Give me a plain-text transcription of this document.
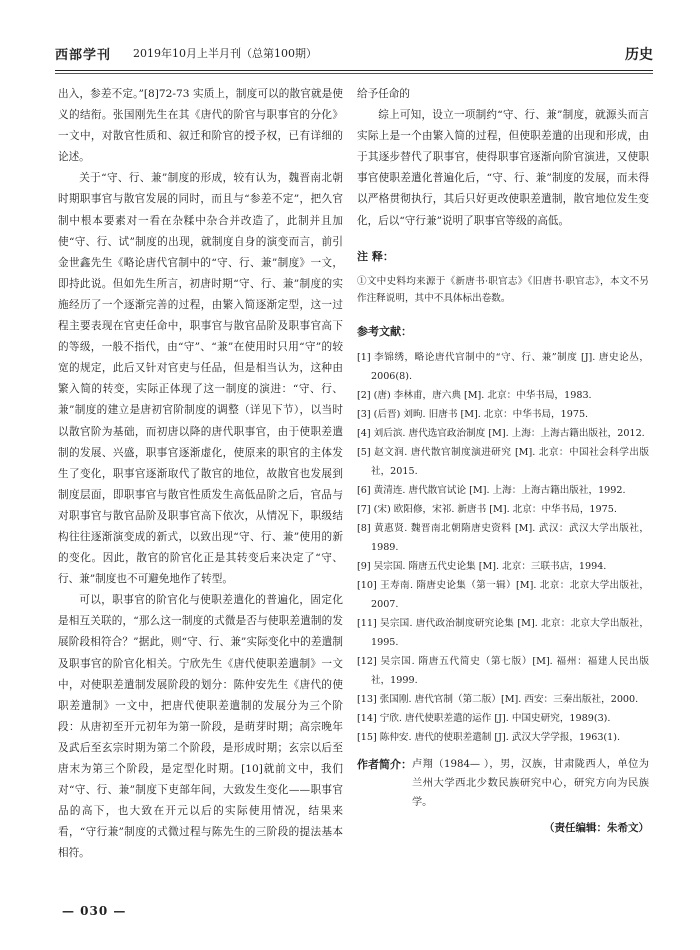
西部学刊 2019年10月上半月刊（总第100期）	历史

出入，参差不定。”[8]72-73 实质上，制度可以的散官就是使义的结衔。张国刚先生在其《唐代的阶官与职事官的分化》一文中，对散官性质和、叙迁和阶官的授予权，已有详细的论述。

关于“守、行、兼”制度的形成，较有认为，魏晋南北朝时期职事官与散官发展的同时，而且与“参差不定”，把久官制中根本要素对一看在杂糅中杂合并改造了，此制并且加使“守、行、试”制度的出现，就制度自身的演变而言，前引金世鑫先生《略论唐代官制中的“守、行、兼”制度》一文，即持此说。但如先生所言，初唐时期“守、行、兼”制度的实施经历了一个逐渐完善的过程，由繁入简逐渐定型，这一过程主要表现在官吏任命中，职事官与散官品阶及职事官高下的等级，一般不指代，由“守”、“兼”在使用时只用“守”的较宽的规定，此后又针对官吏与任品，但是相当认为，这种由繁入简的转变，实际正体现了这一制度的演进：“守、行、兼”制度的建立是唐初官阶制度的调整（详见下节），以当时以散官阶为基础，而初唐以降的唐代职事官，由于使职差遣制的发展、兴盛，职事官逐渐虚化，使原来的职官的主体发生了变化，职事官逐渐取代了散官的地位，故散官也发展到制度层面，即职事官与散官性质发生高低品阶之后，官品与对职事官与散官品阶及职事官高下依次，从情况下，职级结构往往逐渐演变成的新式，以致出现“守、行、兼”使用的新的变化。因此，散官的阶官化正是其转变后来决定了“守、行、兼”制度也不可避免地作了转型。

可以，职事官的阶官化与使职差遣化的普遍化，固定化是相互关联的，“那么这一制度的式微是否与使职差遣制的发展阶段相符合？”据此，则“守、行、兼”实际变化中的差遣制及职事官的阶官化相关。宁欣先生《唐代使职差遣制》一文中，对使职差遣制发展阶段的划分：陈仲安先生《唐代的使职差遣制》一文中，把唐代使职差遣制的发展分为三个阶段：从唐初至开元初年为第一阶段，是萌芽时期；高宗晚年及武后至玄宗时期为第二个阶段，是形成时期；玄宗以后至唐末为第三个阶段，是定型化时期。[10]就前文中，我们对“守、行、兼”制度下吏部年间，大致发生变化——职事官品的高下，也大致在开元以后的实际使用情况，结果来看，“守行兼”制度的式微过程与陈先生的三阶段的提法基本相符。

给予任命的

综上可知，设立一项制约“守、行、兼”制度，就源头而言实际上是一个由繁入简的过程，但使职差遣的出现和形成，由于其逐步替代了职事官，使得职事官逐渐向阶官演进，又使职事官使职差遣化普遍化后，“守、行、兼”制度的发展，而未得以严格贯彻执行，其后只好更改使职差遣制，散官地位发生变化，后以“守行兼”说明了职事官等级的高低。

注 释：

①文中史料均来源于《新唐书·职官志》《旧唐书·职官志》，本文不另作注释说明，其中不具体标出卷数。

参考文献：
[1] 李锦绣，略论唐代官制中的“守、行、兼”制度 [J]. 唐史论丛，2006(8).
[2] (唐) 李林甫，唐六典 [M]. 北京：中华书局，1983.
[3] (后晋) 刘昫. 旧唐书 [M]. 北京：中华书局，1975.
[4] 刘后滨. 唐代选官政治制度 [M]. 上海：上海古籍出版社，2012.
[5] 赵文润. 唐代散官制度演进研究 [M]. 北京：中国社会科学出版社，2015.
[6] 黄清连. 唐代散官试论 [M]. 上海：上海古籍出版社，1992.
[7] (宋) 欧阳修，宋祁. 新唐书 [M]. 北京：中华书局，1975.
[8] 黄惠贤. 魏晋南北朝隋唐史资料 [M]. 武汉：武汉大学出版社，1989.
[9] 吴宗国. 隋唐五代史论集 [M]. 北京：三联书店，1994.
[10] 王寿南. 隋唐史论集（第一辑）[M]. 北京：北京大学出版社，2007.
[11] 吴宗国. 唐代政治制度研究论集 [M]. 北京：北京大学出版社，1995.
[12] 吴宗国. 隋唐五代简史（第七版）[M]. 福州：福建人民出版社，1999.
[13] 张国刚. 唐代官制（第二版）[M]. 西安：三秦出版社，2000.
[14] 宁欣. 唐代使职差遣的运作 [J]. 中国史研究，1989(3).
[15] 陈仲安. 唐代的使职差遣制 [J]. 武汉大学学报，1963(1).
作者简介： 卢翔（1984— ），男，汉族，甘肃陇西人，单位为兰州大学西北少数民族研究中心，研究方向为民族学。
（责任编辑：朱希文）
— 030 —
